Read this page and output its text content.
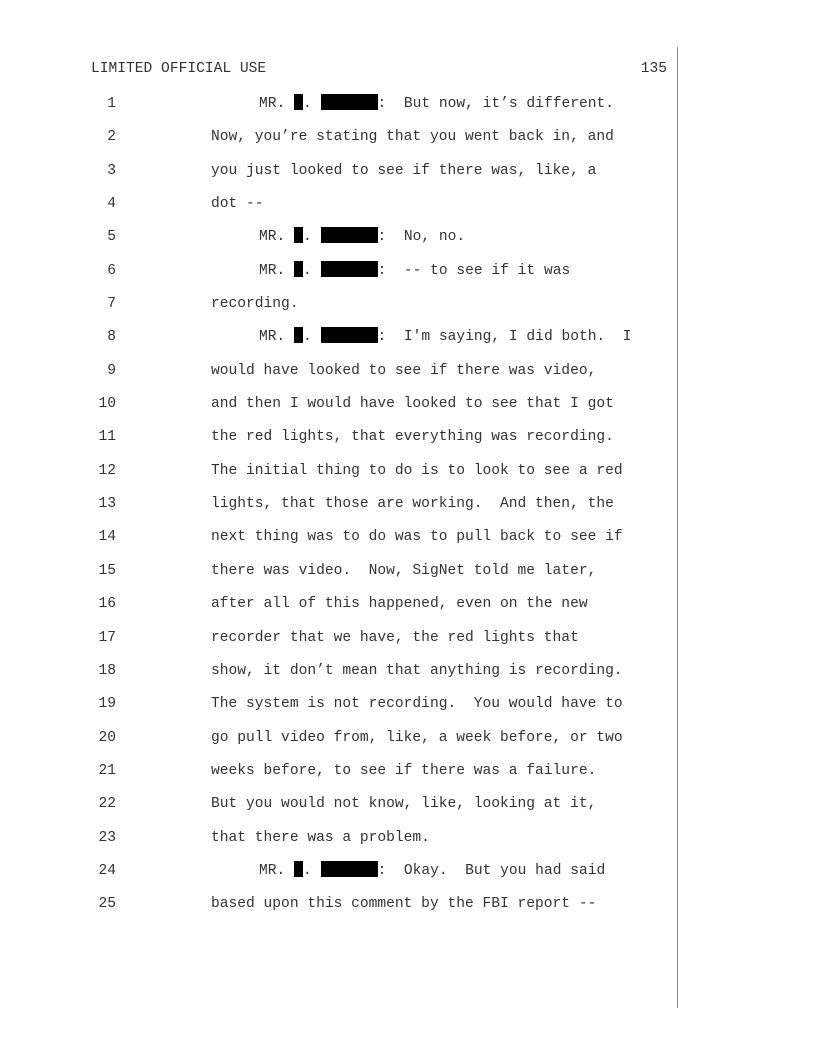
LIMITED OFFICIAL USE	135
1	MR. .	:  But now, it’s different.
2	Now, you’re stating that you went back in, and
3	you just looked to see if there was, like, a
4	dot --
5	MR. .	:  No, no.
6	MR. .	:  -- to see if it was
7	recording.
8	MR. .	:  I'm saying, I did both.  I
9	would have looked to see if there was video,
10	and then I would have looked to see that I got
11	the red lights, that everything was recording.
12	The initial thing to do is to look to see a red
13	lights, that those are working.  And then, the
14	next thing was to do was to pull back to see if
15	there was video.  Now, SigNet told me later,
16	after all of this happened, even on the new
17	recorder that we have, the red lights that
18	show, it don’t mean that anything is recording.
19	The system is not recording.  You would have to
20	go pull video from, like, a week before, or two
21	weeks before, to see if there was a failure.
22	But you would not know, like, looking at it,
23	that there was a problem.
24	MR. .	:  Okay.  But you had said
25	based upon this comment by the FBI report --
